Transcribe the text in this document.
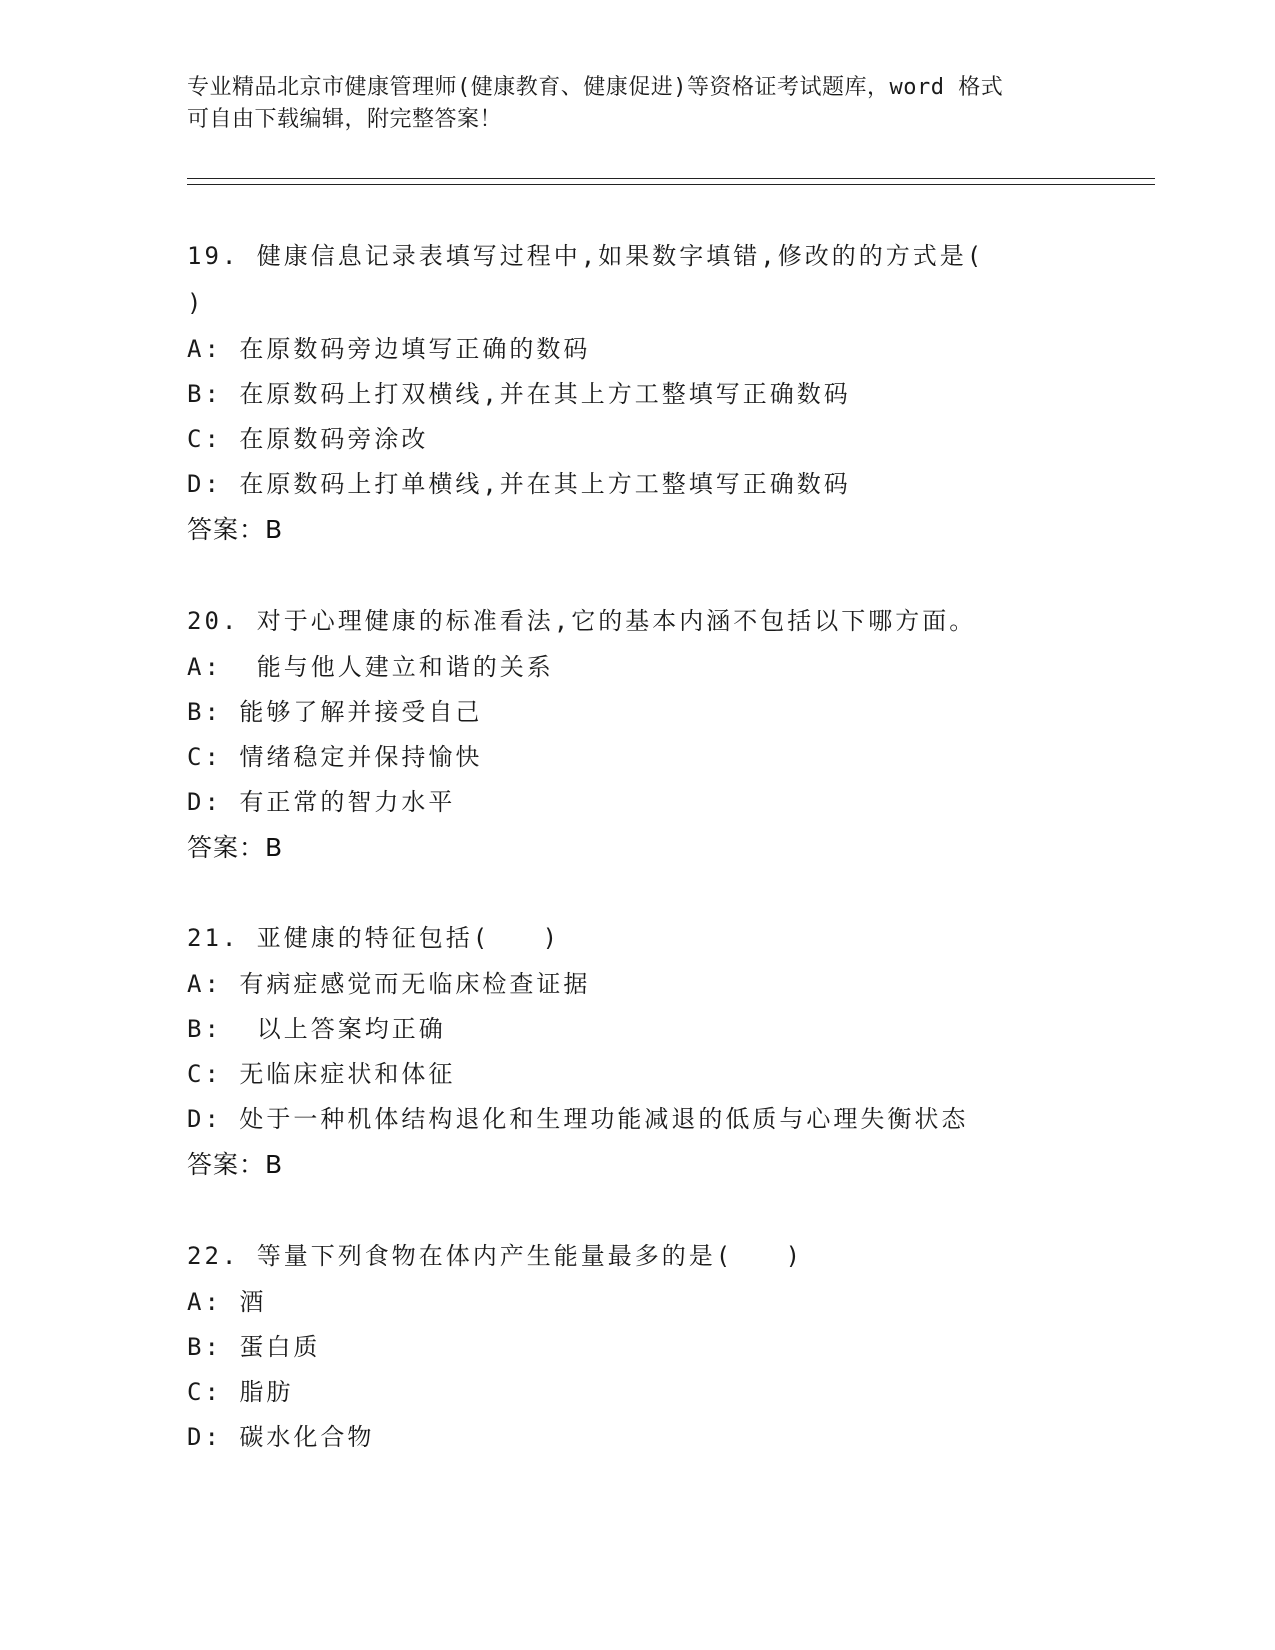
专业精品北京市健康管理师(健康教育、健康促进)等资格证考试题库，word 格式
可自由下载编辑，附完整答案！
19. 健康信息记录表填写过程中,如果数字填错,修改的的方式是(
)
A: 在原数码旁边填写正确的数码
B: 在原数码上打双横线,并在其上方工整填写正确数码
C: 在原数码旁涂改
D: 在原数码上打单横线,并在其上方工整填写正确数码
答案：B
20. 对于心理健康的标准看法,它的基本内涵不包括以下哪方面。
A:  能与他人建立和谐的关系
B: 能够了解并接受自己
C: 情绪稳定并保持愉快
D: 有正常的智力水平
答案：B
21. 亚健康的特征包括(   )
A: 有病症感觉而无临床检查证据
B:  以上答案均正确
C: 无临床症状和体征
D: 处于一种机体结构退化和生理功能减退的低质与心理失衡状态
答案：B
22. 等量下列食物在体内产生能量最多的是(   )
A: 酒
B: 蛋白质
C: 脂肪
D: 碳水化合物
